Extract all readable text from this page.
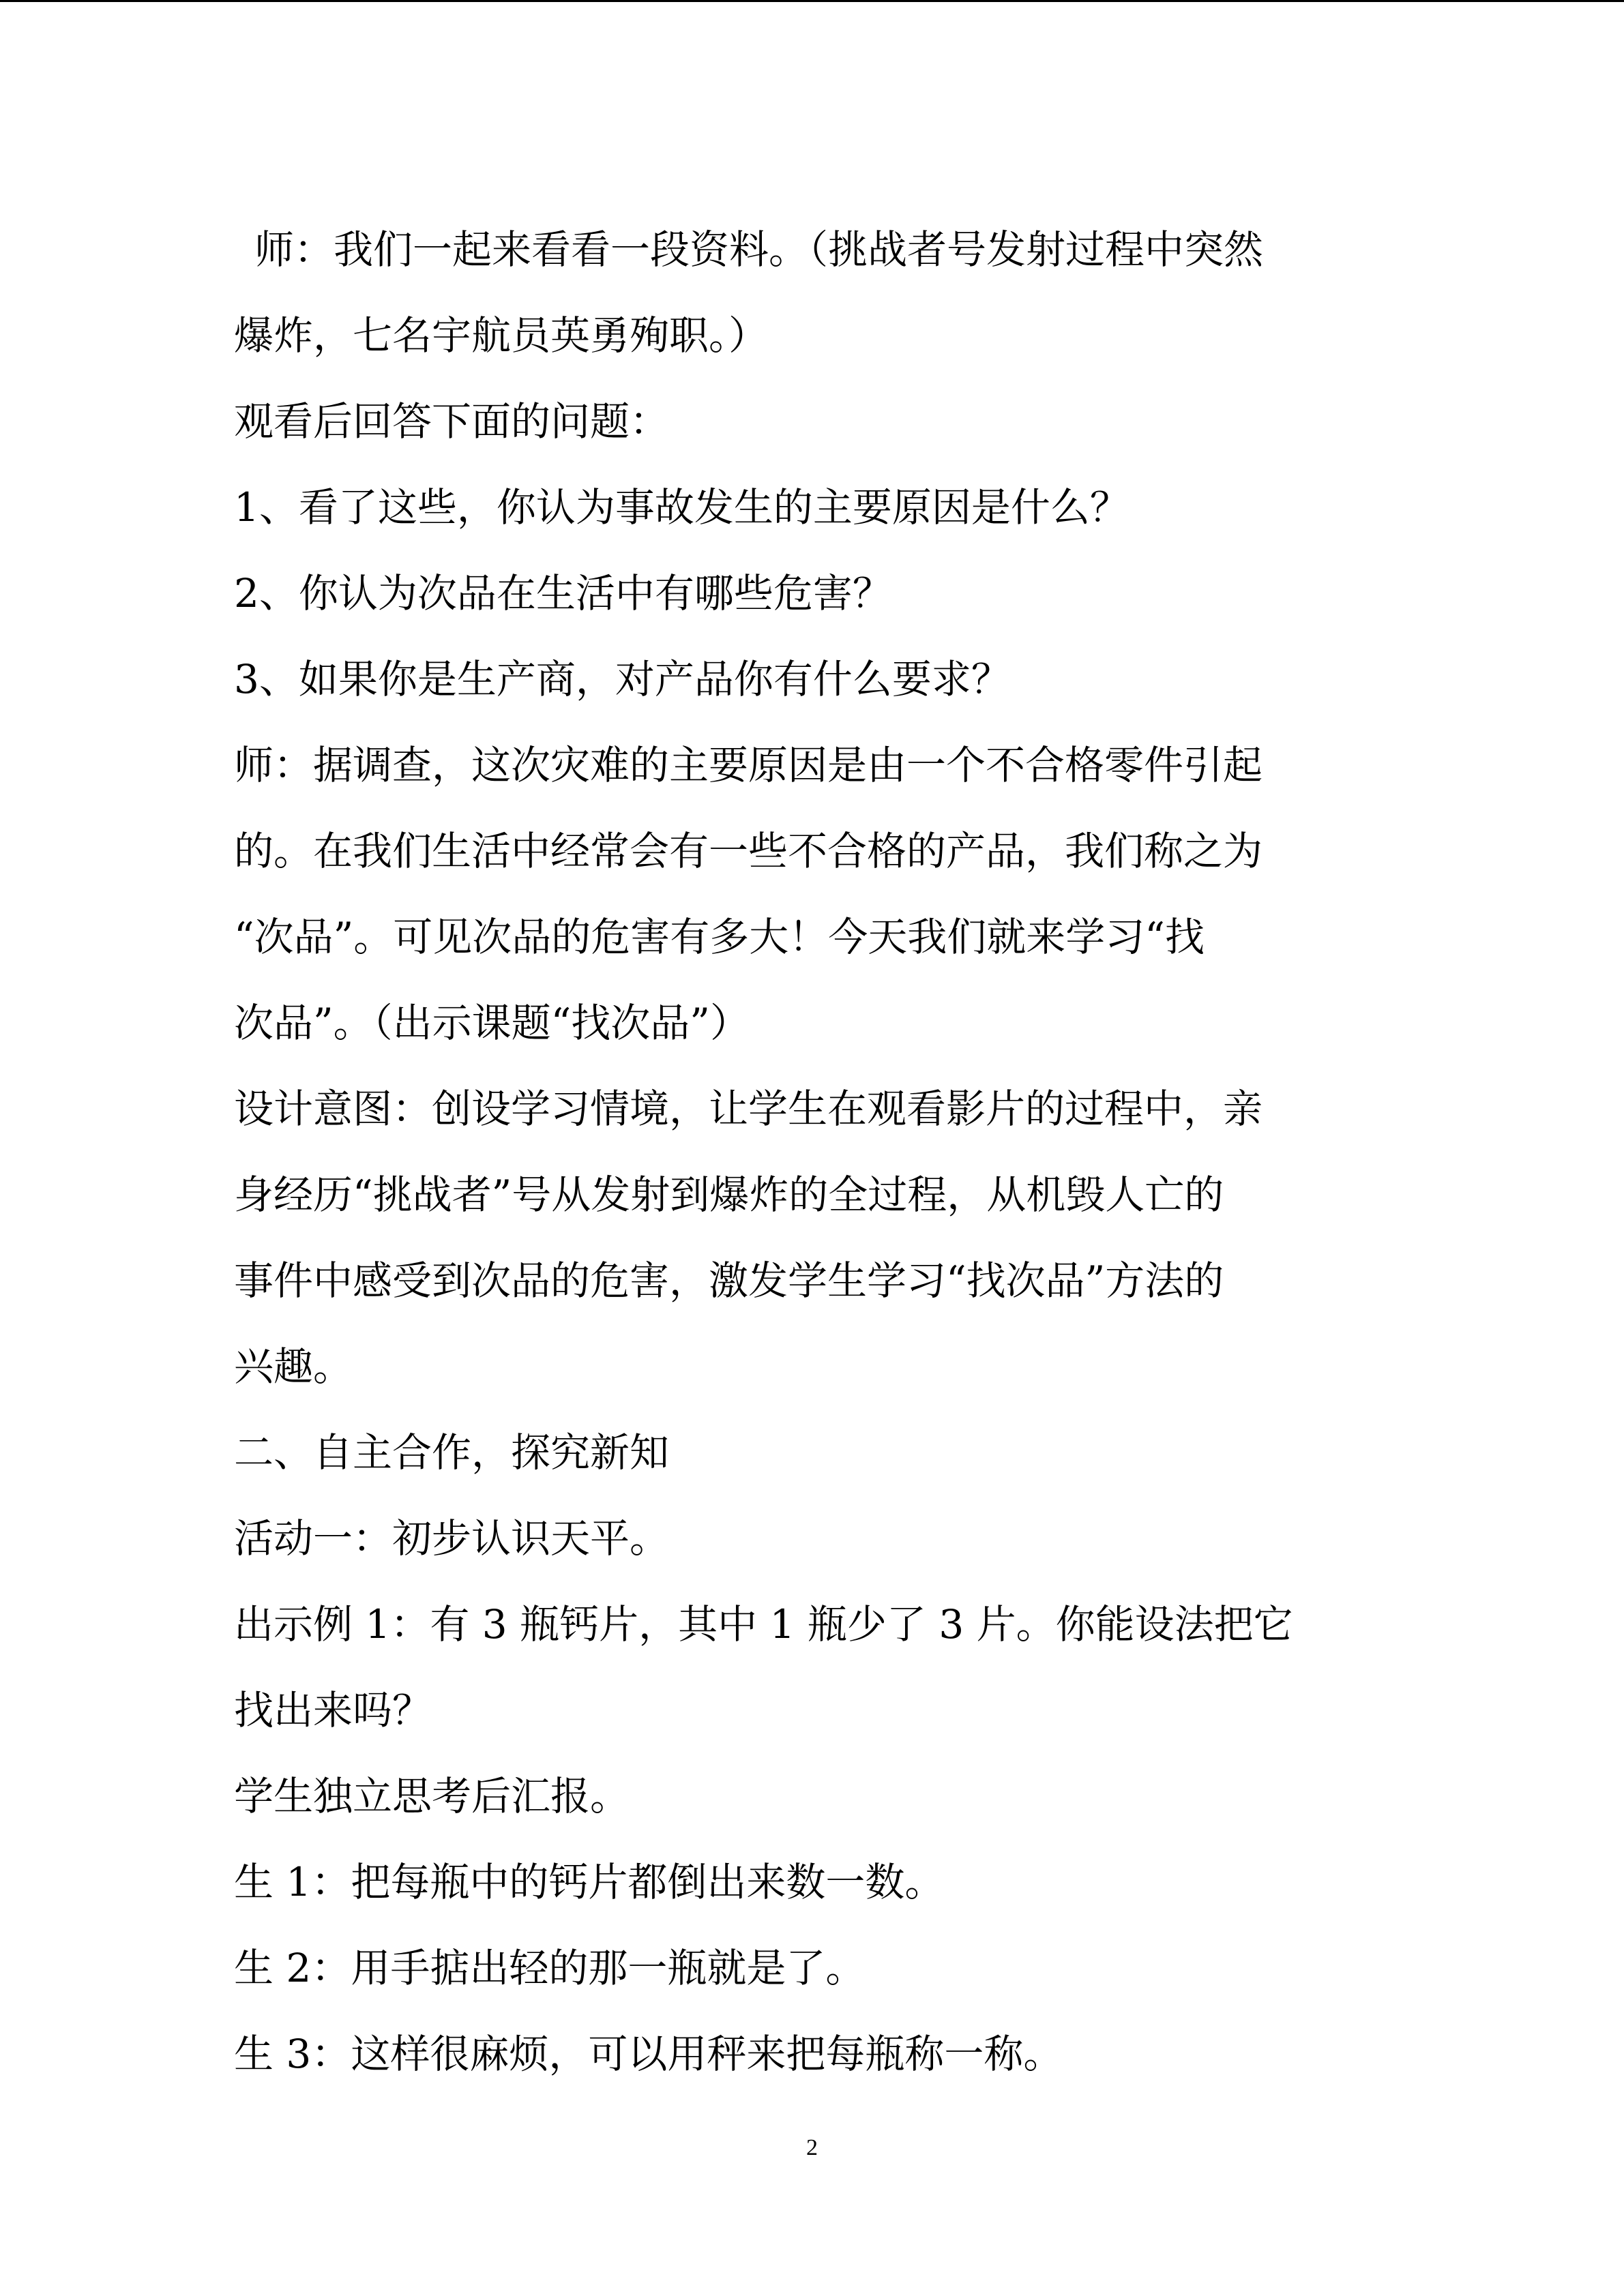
师：我们一起来看看一段资料。（挑战者号发射过程中突然
爆炸，七名宇航员英勇殉职。）
观看后回答下面的问题：
1、看了这些，你认为事故发生的主要原因是什么？
2、你认为次品在生活中有哪些危害？
3、如果你是生产商，对产品你有什么要求？
师：据调查，这次灾难的主要原因是由一个不合格零件引起
的。在我们生活中经常会有一些不合格的产品，我们称之为
“次品”。可见次品的危害有多大！今天我们就来学习“找
次品”。（出示课题“找次品”）
设计意图：创设学习情境，让学生在观看影片的过程中，亲
身经历“挑战者”号从发射到爆炸的全过程，从机毁人亡的
事件中感受到次品的危害，激发学生学习“找次品”方法的
兴趣。
二、自主合作，探究新知
活动一：初步认识天平。
出示例 1：有 3 瓶钙片，其中 1 瓶少了 3 片。你能设法把它
找出来吗？
学生独立思考后汇报。
生 1：把每瓶中的钙片都倒出来数一数。
生 2：用手掂出轻的那一瓶就是了。
生 3：这样很麻烦，可以用秤来把每瓶称一称。
2
